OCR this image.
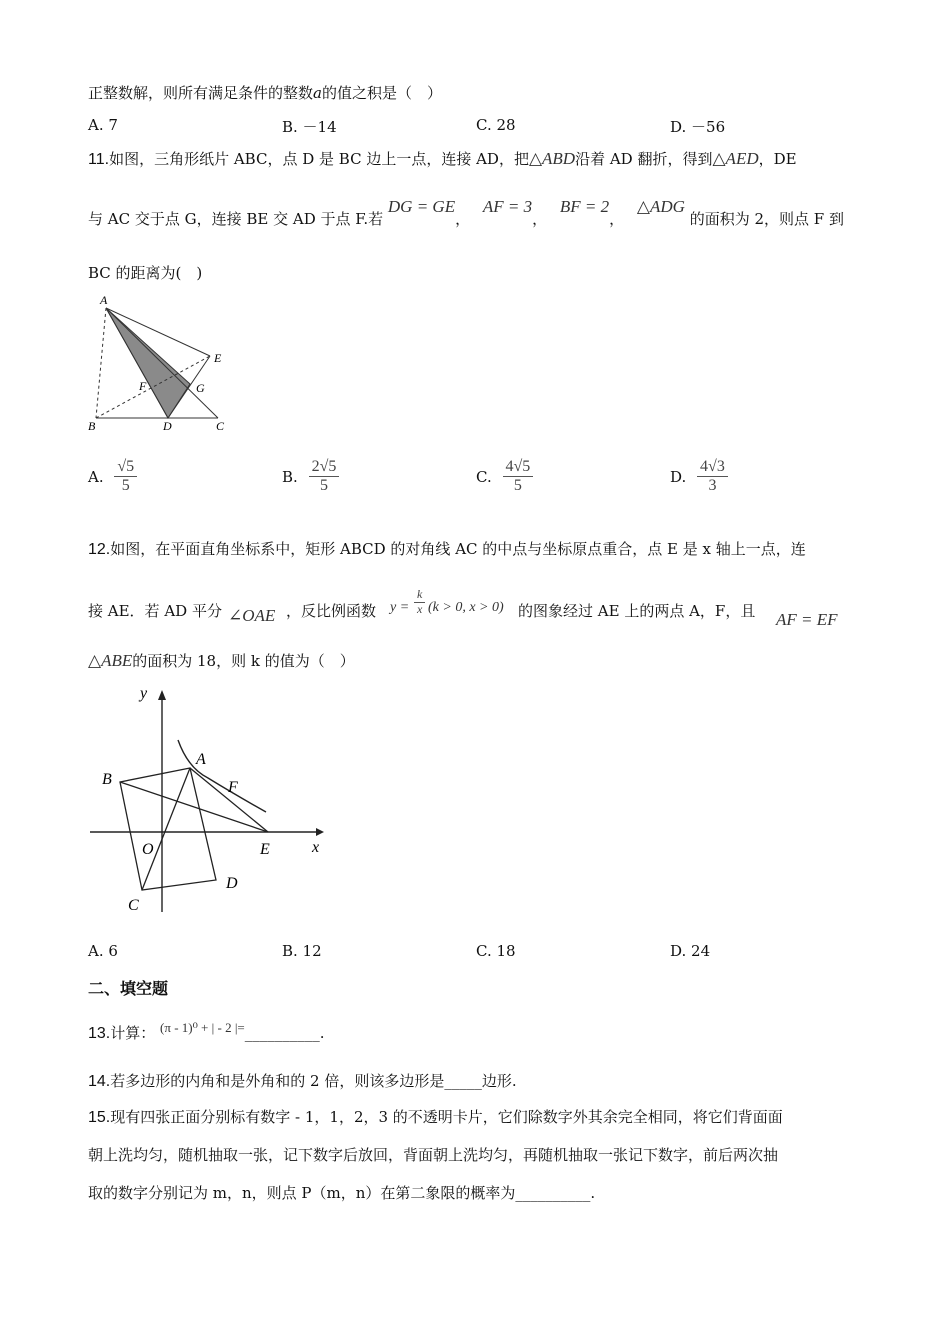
正整数解，则所有满足条件的整数a的值之积是（　）
A. 7	B. －14	C. 28	D. －56
11.如图，三角形纸片 ABC，点 D 是 BC 边上一点，连接 AD，把△ABD沿着 AD 翻折，得到△AED，DE
与 AC 交于点 G，连接 BE 交 AD 于点 F.若 DG = GE， AF = 3， BF = 2， △ADG 的面积为 2，则点 F 到
BC 的距离为(　)
A
E
F	G
B	D	C
A. $\frac{√5}{5}$	B. $\frac{2√5}{5}$	C. $\frac{4√5}{5}$	D. $\frac{4√3}{3}$
12.如图，在平面直角坐标系中，矩形 ABCD 的对角线 AC 的中点与坐标原点重合，点 E 是 x 轴上一点，连
接 AE．若 AD 平分 ∠OAE ，反比例函数 $y = \frac{k}{x} (k > 0$, x > 0) 的图象经过 AE 上的两点 A，F，且 AF = EF
△ABE的面积为 18，则 k 的值为（　）
y
A
B	F
O	E	x
D
C
A. 6	B. 12	C. 18	D. 24
二、填空题
13.计算： (π - 1)⁰ + | - 2 |=__________.
14.若多边形的内角和是外角和的 2 倍，则该多边形是_____边形.
15.现有四张正面分别标有数字 - 1，1，2，3 的不透明卡片，它们除数字外其余完全相同，将它们背面面
朝上洗均匀，随机抽取一张，记下数字后放回，背面朝上洗均匀，再随机抽取一张记下数字，前后两次抽
取的数字分别记为 m，n，则点 P（m，n）在第二象限的概率为__________.
